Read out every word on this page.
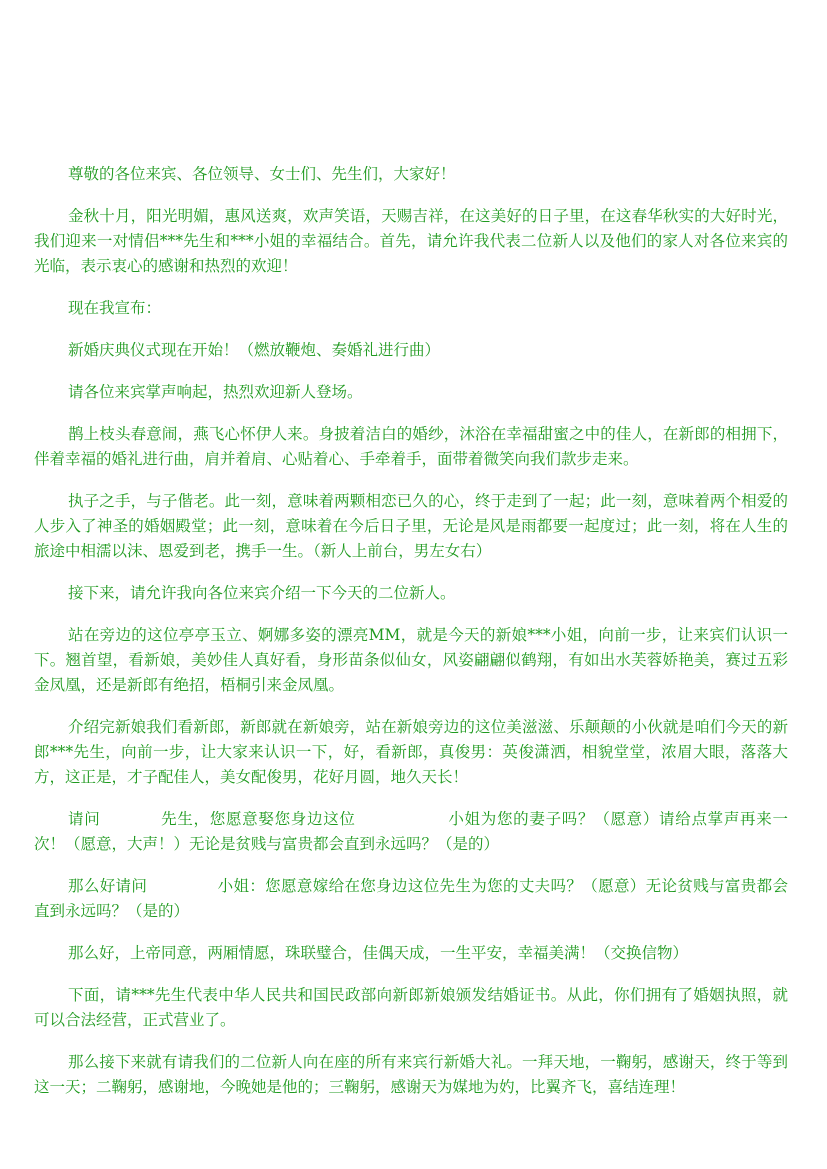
尊敬的各位来宾、各位领导、女士们、先生们，大家好！

金秋十月，阳光明媚，惠风送爽，欢声笑语，天赐吉祥，在这美好的日子里，在这春华秋实的大好时光，我们迎来一对情侣***先生和***小姐的幸福结合。首先，请允许我代表二位新人以及他们的家人对各位来宾的光临，表示衷心的感谢和热烈的欢迎！

现在我宣布：

新婚庆典仪式现在开始！（燃放鞭炮、奏婚礼进行曲）

请各位来宾掌声响起，热烈欢迎新人登场。

鹊上枝头春意闹，燕飞心怀伊人来。身披着洁白的婚纱，沐浴在幸福甜蜜之中的佳人，在新郎的相拥下，伴着幸福的婚礼进行曲，肩并着肩、心贴着心、手牵着手，面带着微笑向我们款步走来。

执子之手，与子偕老。此一刻，意味着两颗相恋已久的心，终于走到了一起；此一刻，意味着两个相爱的人步入了神圣的婚姻殿堂；此一刻，意味着在今后日子里，无论是风是雨都要一起度过；此一刻，将在人生的旅途中相濡以沫、恩爱到老，携手一生。（新人上前台，男左女右）

接下来，请允许我向各位来宾介绍一下今天的二位新人。

站在旁边的这位亭亭玉立、婀娜多姿的漂亮MM，就是今天的新娘***小姐，向前一步，让来宾们认识一下。翘首望，看新娘，美妙佳人真好看，身形苗条似仙女，风姿翩翩似鹤翔，有如出水芙蓉娇艳美，赛过五彩金凤凰，还是新郎有绝招，梧桐引来金凤凰。

介绍完新娘我们看新郎，新郎就在新娘旁，站在新娘旁边的这位美滋滋、乐颠颠的小伙就是咱们今天的新郎***先生，向前一步，让大家来认识一下，好，看新郎，真俊男：英俊潇洒，相貌堂堂，浓眉大眼，落落大方，这正是，才子配佳人，美女配俊男，花好月圆，地久天长！

请问	先生，您愿意娶您身边这位	小姐为您的妻子吗？（愿意）请给点掌声再来一次！（愿意，大声！）无论是贫贱与富贵都会直到永远吗？（是的）

那么好请问	小姐：您愿意嫁给在您身边这位先生为您的丈夫吗？（愿意）无论贫贱与富贵都会直到永远吗？（是的）

那么好，上帝同意，两厢情愿，珠联璧合，佳偶天成，一生平安，幸福美满！（交换信物）

下面，请***先生代表中华人民共和国民政部向新郎新娘颁发结婚证书。从此，你们拥有了婚姻执照，就可以合法经营，正式营业了。

那么接下来就有请我们的二位新人向在座的所有来宾行新婚大礼。一拜天地，一鞠躬，感谢天，终于等到这一天；二鞠躬，感谢地，今晚她是他的；三鞠躬，感谢天为媒地为妁，比翼齐飞，喜结连理！
